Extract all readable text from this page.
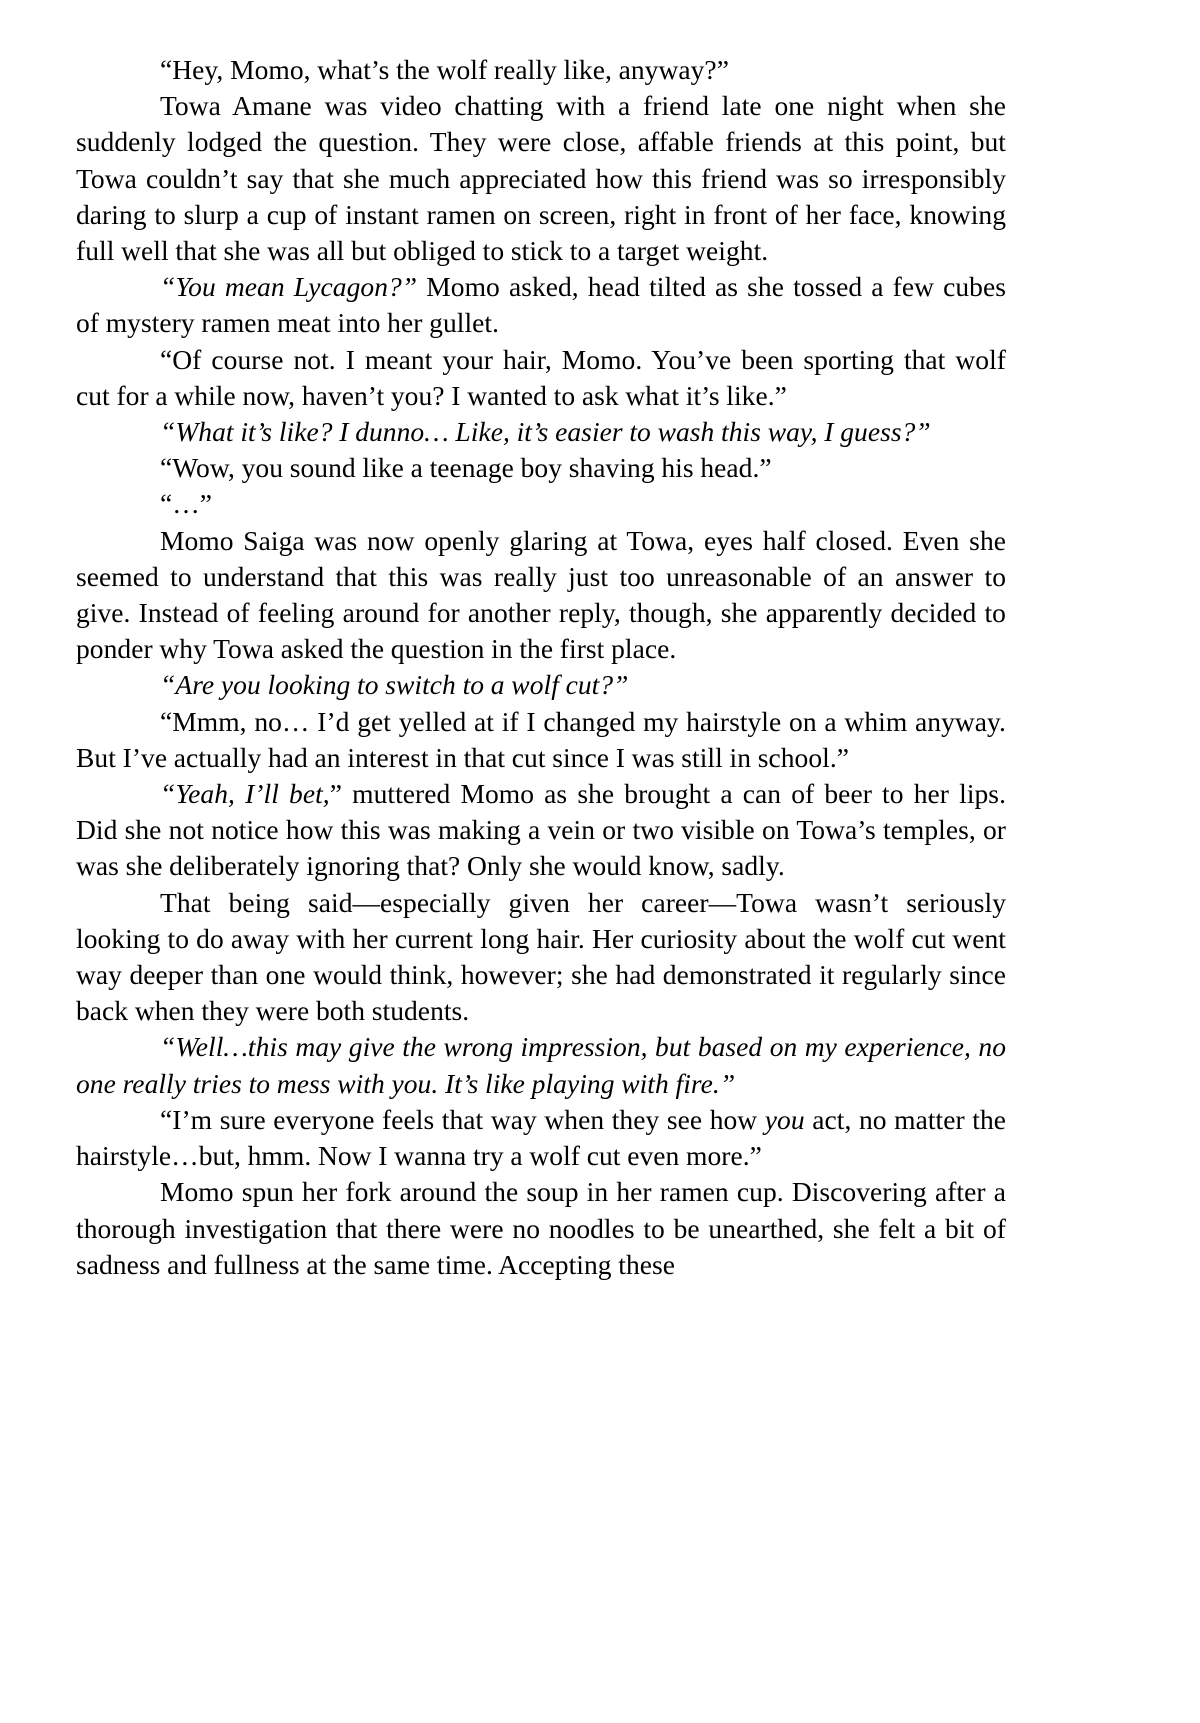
“Hey, Momo, what’s the wolf really like, anyway?”

Towa Amane was video chatting with a friend late one night when she suddenly lodged the question. They were close, affable friends at this point, but Towa couldn’t say that she much appreciated how this friend was so irresponsibly daring to slurp a cup of instant ramen on screen, right in front of her face, knowing full well that she was all but obliged to stick to a target weight.

“You mean Lycagon?” Momo asked, head tilted as she tossed a few cubes of mystery ramen meat into her gullet.

“Of course not. I meant your hair, Momo. You’ve been sporting that wolf cut for a while now, haven’t you? I wanted to ask what it’s like.”

“What it’s like? I dunno… Like, it’s easier to wash this way, I guess?”

“Wow, you sound like a teenage boy shaving his head.”

“…”

Momo Saiga was now openly glaring at Towa, eyes half closed. Even she seemed to understand that this was really just too unreasonable of an answer to give. Instead of feeling around for another reply, though, she apparently decided to ponder why Towa asked the question in the first place.

“Are you looking to switch to a wolf cut?”

“Mmm, no… I’d get yelled at if I changed my hairstyle on a whim anyway. But I’ve actually had an interest in that cut since I was still in school.”

“Yeah, I’ll bet,” muttered Momo as she brought a can of beer to her lips. Did she not notice how this was making a vein or two visible on Towa’s temples, or was she deliberately ignoring that? Only she would know, sadly.

That being said—especially given her career—Towa wasn’t seriously looking to do away with her current long hair. Her curiosity about the wolf cut went way deeper than one would think, however; she had demonstrated it regularly since back when they were both students.

“Well…this may give the wrong impression, but based on my experience, no one really tries to mess with you. It’s like playing with fire.”

“I’m sure everyone feels that way when they see how you act, no matter the hairstyle…but, hmm. Now I wanna try a wolf cut even more.”

Momo spun her fork around the soup in her ramen cup. Discovering after a thorough investigation that there were no noodles to be unearthed, she felt a bit of sadness and fullness at the same time. Accepting these
